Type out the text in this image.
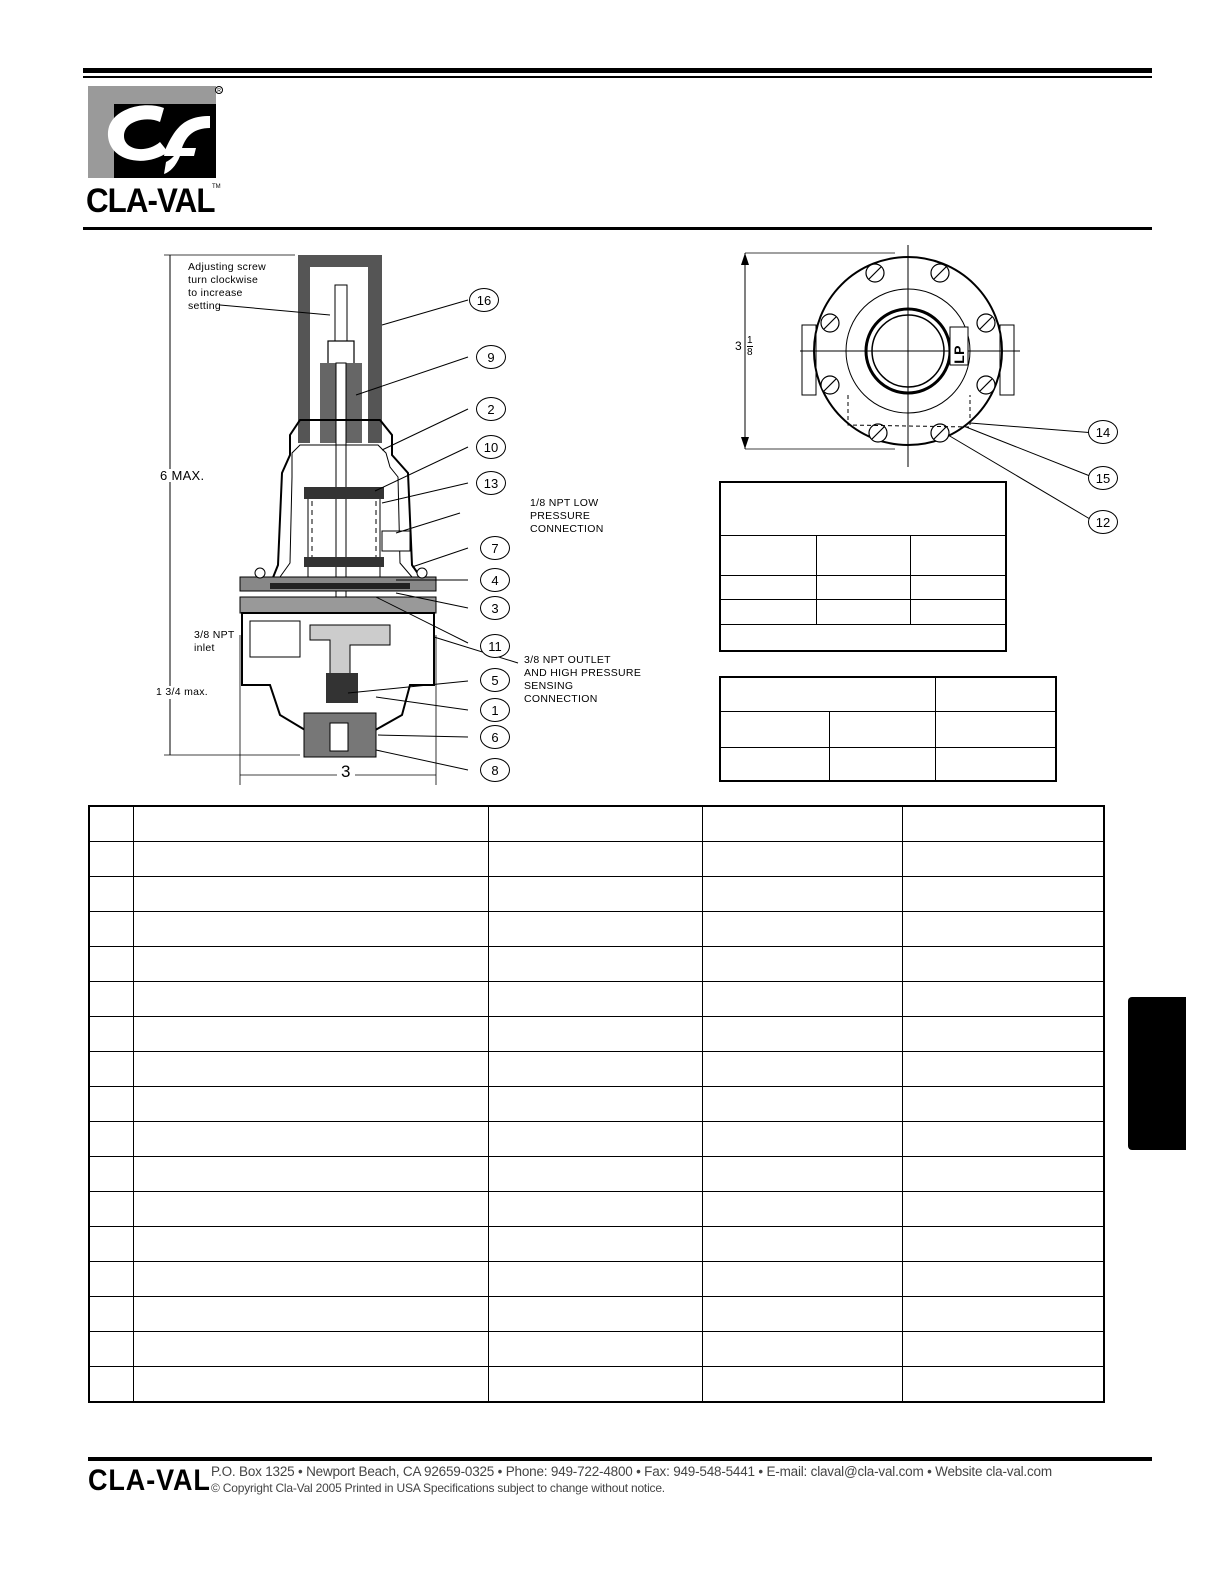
R
CLA-VAL
TM
Adjusting screw
turn clockwise
to increase
setting
6 MAX.
1/8 NPT LOW
PRESSURE
CONNECTION
3/8 NPT
inlet
1 3/4 max.
3/8 NPT OUTLET
AND HIGH PRESSURE
SENSING
CONNECTION
3
16
9
2
10
13
7
4
3
11
5
1
6
8
3 1
8	LP
14
15
12

CLA-VAL P.O. Box 1325 • Newport Beach, CA 92659-0325 • Phone: 949-722-4800 • Fax: 949-548-5441 • E-mail: claval@cla-val.com • Website cla-val.com
© Copyright Cla-Val 2005 Printed in USA Specifications subject to change without notice.
